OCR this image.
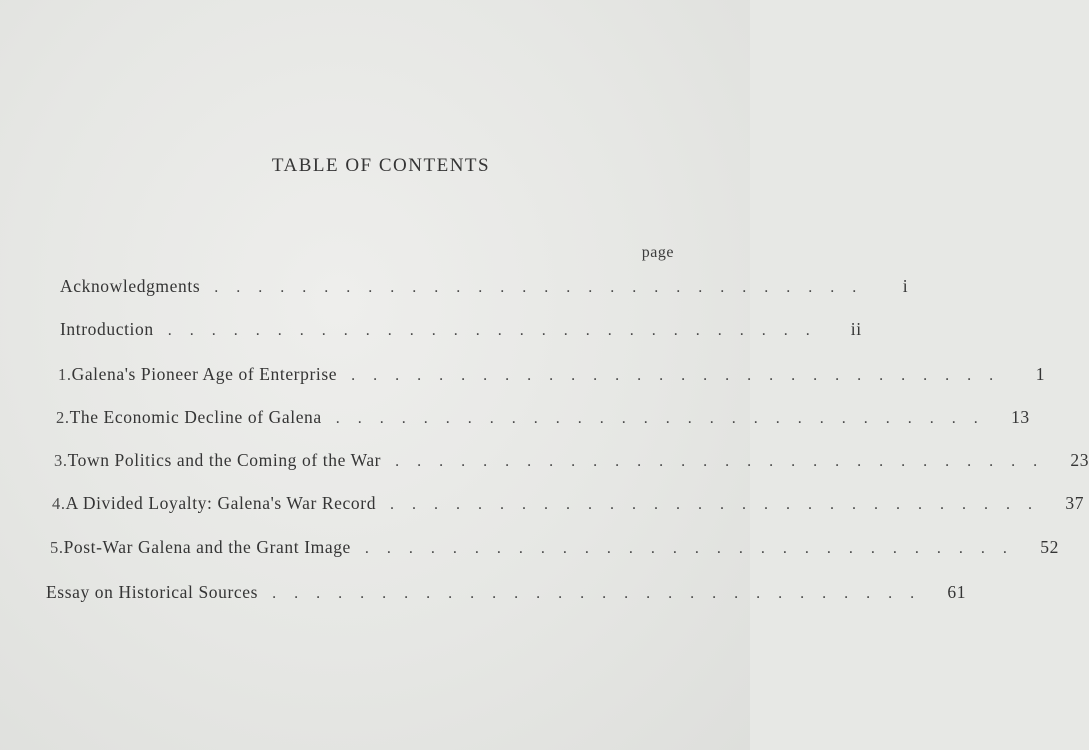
TABLE OF CONTENTS
page
Acknowledgments ..............................	i
Introduction ..............................	ii
1. Galena's Pioneer Age of Enterprise ..............................	1
2. The Economic Decline of Galena .............................. 13
3. Town Politics and the Coming of the War .............................. 23
4. A Divided Loyalty: Galena's War Record .............................. 37
5. Post-War Galena and the Grant Image .............................. 52
Essay on Historical Sources .............................. 61
